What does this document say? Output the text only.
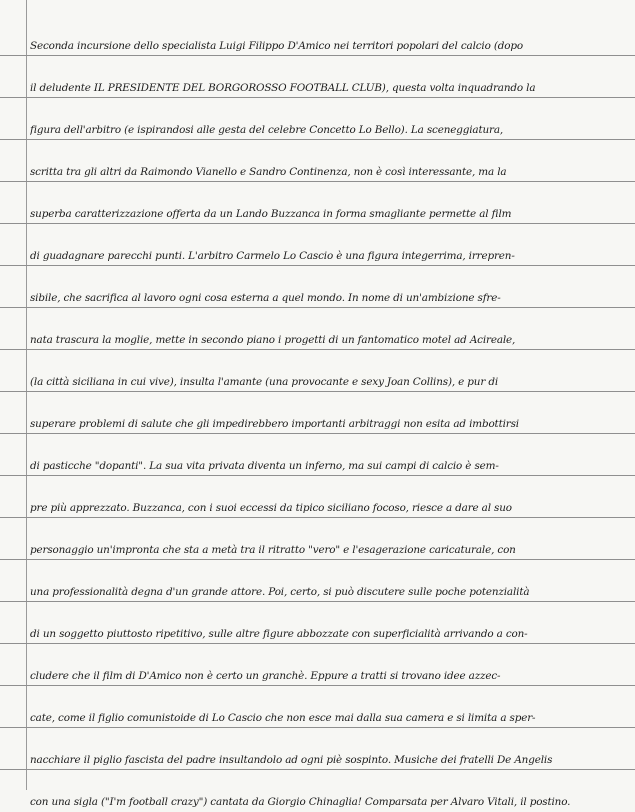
Seconda incursione dello specialista Luigi Filippo D'Amico nei territori popolari del calcio (dopo
il deludente IL PRESIDENTE DEL BORGOROSSO FOOTBALL CLUB), questa volta inquadrando la
figura dell'arbitro (e ispirandosi alle gesta del celebre Concetto Lo Bello). La sceneggiatura,
scritta tra gli altri da Raimondo Vianello e Sandro Continenza, non è così interessante, ma la
superba caratterizzazione offerta da un Lando Buzzanca in forma smagliante permette al film
di guadagnare parecchi punti. L'arbitro Carmelo Lo Cascio è una figura integerrima, irrepren-
sibile, che sacrifica al lavoro ogni cosa esterna a quel mondo. In nome di un'ambizione sfre-
nata trascura la moglie, mette in secondo piano i progetti di un fantomatico motel ad Acireale,
(la città siciliana in cui vive), insulta l'amante (una provocante e sexy Joan Collins), e pur di
superare problemi di salute che gli impedirebbero importanti arbitraggi non esita ad imbottirsi
di pasticche "dopanti". La sua vita privata diventa un inferno, ma sui campi di calcio è sem-
pre più apprezzato. Buzzanca, con i suoi eccessi da tipico siciliano focoso, riesce a dare al suo
personaggio un'impronta che sta a metà tra il ritratto "vero" e l'esagerazione caricaturale, con
una professionalità degna d'un grande attore. Poi, certo, si può discutere sulle poche potenzialità
di un soggetto piuttosto ripetitivo, sulle altre figure abbozzate con superficialità arrivando a con-
cludere che il film di D'Amico non è certo un granchè. Eppure a tratti si trovano idee azzec-
cate, come il figlio comunistoide di Lo Cascio che non esce mai dalla sua camera e si limita a sper-
nacchiare il piglio fascista del padre insultandolo ad ogni piè sospinto. Musiche dei fratelli De Angelis
con una sigla ("I'm football crazy") cantata da Giorgio Chinaglia! Comparsata per Alvaro Vitali, il postino.
